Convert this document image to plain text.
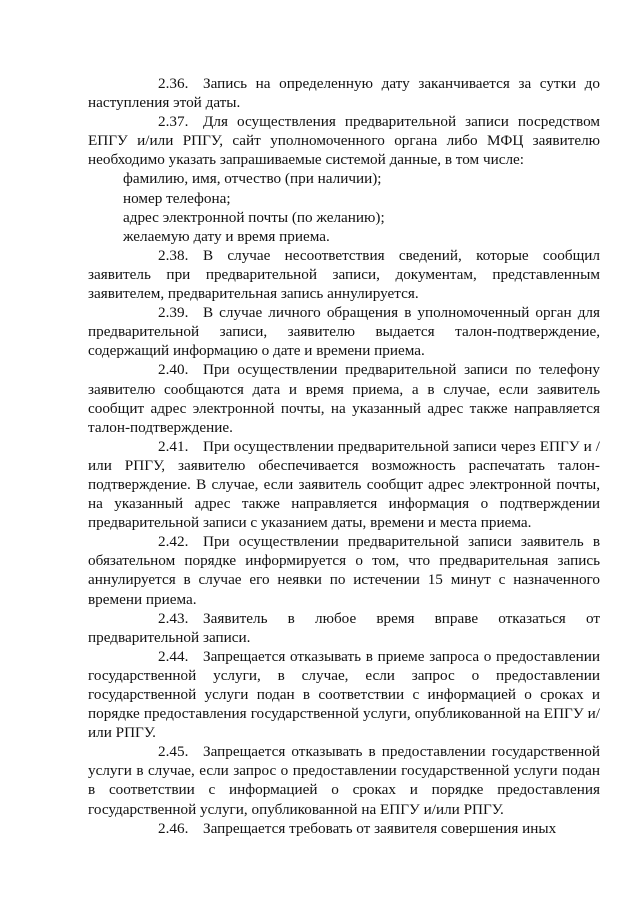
2.36. Запись на определенную дату заканчивается за сутки до наступления этой даты.

2.37. Для осуществления предварительной записи посредством ЕПГУ и/или РПГУ, сайт уполномоченного органа либо МФЦ заявителю необходимо указать запрашиваемые системой данные, в том числе:

фамилию, имя, отчество (при наличии);

номер телефона;

адрес электронной почты (по желанию);

желаемую дату и время приема.

2.38. В случае несоответствия сведений, которые сообщил заявитель при предварительной записи, документам, представленным заявителем, предварительная запись аннулируется.

2.39. В случае личного обращения в уполномоченный орган для предварительной записи, заявителю выдается талон-подтверждение, содержащий информацию о дате и времени приема.

2.40. При осуществлении предварительной записи по телефону заявителю сообщаются дата и время приема, а в случае, если заявитель сообщит адрес электронной почты, на указанный адрес также направляется талон-подтверждение.

2.41. При осуществлении предварительной записи через ЕПГУ и /или РПГУ, заявителю обеспечивается возможность распечатать талон-подтверждение. В случае, если заявитель сообщит адрес электронной почты, на указанный адрес также направляется информация о подтверждении предварительной записи с указанием даты, времени и места приема.

2.42. При осуществлении предварительной записи заявитель в обязательном порядке информируется о том, что предварительная запись аннулируется в случае его неявки по истечении 15 минут с назначенного времени приема.

2.43. Заявитель в любое время вправе отказаться от предварительной записи.

2.44. Запрещается отказывать в приеме запроса о предоставлении государственной услуги, в случае, если запрос о предоставлении государственной услуги подан в соответствии с информацией о сроках и порядке предоставления государственной услуги, опубликованной на ЕПГУ и/или РПГУ.

2.45. Запрещается отказывать в предоставлении государственной услуги в случае, если запрос о предоставлении государственной услуги подан в соответствии с информацией о сроках и порядке предоставления государственной услуги, опубликованной на ЕПГУ и/или РПГУ.

2.46. Запрещается требовать от заявителя совершения иных
